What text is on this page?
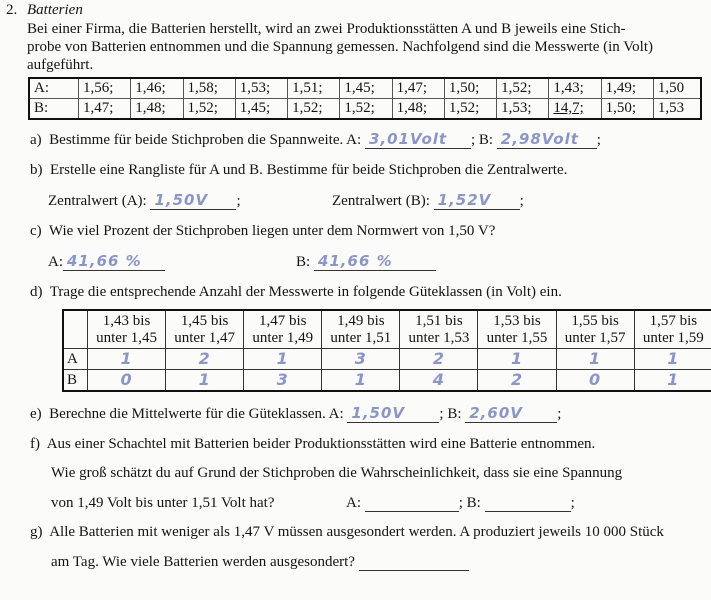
2. Batterien
Bei einer Firma, die Batterien herstellt, wird an zwei Produktionsstätten A und B jeweils eine Stich-
probe von Batterien entnommen und die Spannung gemessen. Nachfolgend sind die Messwerte (in Volt)
aufgeführt.
A:	1,56;	1,46;	1,58;	1,53;	1,51;	1,45;	1,47;	1,50;	1,52;	1,43;	1,49;	1,50
B:	1,47;	1,48;	1,52;	1,45;	1,52;	1,52;	1,48;	1,52;	1,53;	14,7;	1,50;	1,53
a) Bestimme für beide Stichproben die Spannweite. A: 3,01Volt ; B: 2,98Volt ;
b) Erstelle eine Rangliste für A und B. Bestimme für beide Stichproben die Zentralwerte.
Zentralwert (A): 1,50V ;	Zentralwert (B): 1,52V ;
c) Wie viel Prozent der Stichproben liegen unter dem Normwert von 1,50 V?
A: 41,66 %	B: 41,66 %
d) Trage die entsprechende Anzahl der Messwerte in folgende Güteklassen (in Volt) ein.
	1,43 bis
unter 1,45	1,45 bis
unter 1,47	1,47 bis
unter 1,49	1,49 bis
unter 1,51	1,51 bis
unter 1,53	1,53 bis
unter 1,55	1,55 bis
unter 1,57	1,57 bis
unter 1,59
A	1	2	1	3	2	1	1	1
B	0	1	3	1	4	2	0	1
e) Berechne die Mittelwerte für die Güteklassen. A: 1,50V ; B: 2,60V ;
f) Aus einer Schachtel mit Batterien beider Produktionsstätten wird eine Batterie entnommen.
Wie groß schätzt du auf Grund der Stichproben die Wahrscheinlichkeit, dass sie eine Spannung
von 1,49 Volt bis unter 1,51 Volt hat?	A:	; B:	;
g) Alle Batterien mit weniger als 1,47 V müssen ausgesondert werden. A produziert jeweils 10 000 Stück
am Tag. Wie viele Batterien werden ausgesondert?
